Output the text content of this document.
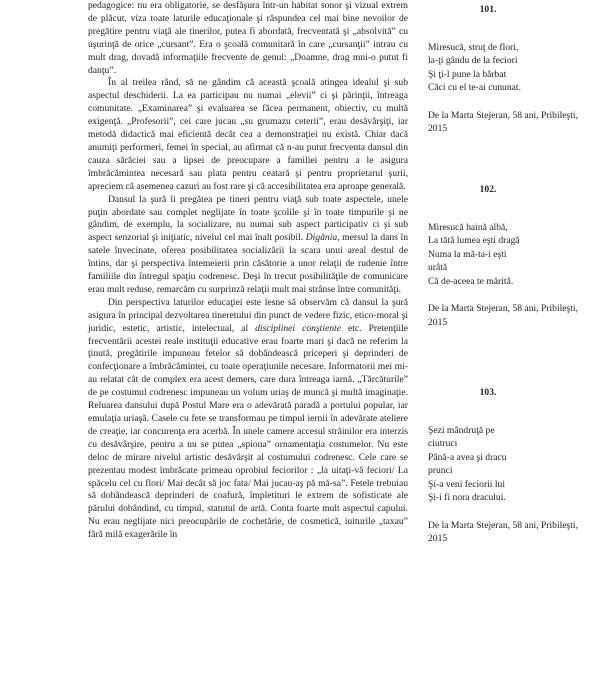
pedagogice: nu era obligatorie, se desfăşura într-un habitat sonor şi vizual extrem de plăcut, viza toate laturile educaţionale şi răspundea cel mai bine nevoilor de pregătire pentru viaţă ale tinerilor, putea fi abordată, frecventată şi „absolvită” cu uşurinţă de orice „cursant”. Era o şcoală comunitară în care „cursanţii” intrau cu mult drag, dovadă informaţiile frecvente de genul: „Doamne, drag mni-o putut fi danţu”.

În al treilea rând, să ne gândim că această şcoală atingea idealul şi sub aspectul deschiderii. La ea participau nu numai „elevii” ci şi părinţii, întreaga comunitate. „Examinarea” şi evaluarea se făcea permanent, obiectiv, cu multă exigenţă. „Profesorii”, cei care jucau „su grumazu ceterii”, erau desăvârşiţi, iar metodă didactică mai eficientă decât cea a demonstraţiei nu există. Chiar dacă anumiţi performeri, femei în special, au afirmat că n-au putut frecventa dansul din cauza sărăciei sau a lipsei de preocupare a familiei pentru a le asigura îmbrăcămintea necesară sau plata pentru ceatară şi pentru proprietarul şurii, apreciem că asemenea cazuri au fost rare şi că accesibilitatea era aproape generală.

Dansul la şură îi pregătea pe tineri pentru viaţă sub toate aspectele, unele puţin abordate sau complet neglijate în toate şcolile şi în toate timpurile şi ne gândim, de exemplu, la socializare, nu numai sub aspect participativ ci şi sub aspect senzorial şi iniţiatic, nivelul cel mai înalt posibil. Digănia, mersul la dans în satele învecinate, oferea posibilitatea socializării la scara unui areal destul de întins, dar şi perspectiva întemeierii prin căsătorie a unor relaţii de rudenie între familiile din întregul spaţiu codrenesc. Deşi în trecut posibilităţile de comunicare erau mult reduse, remarcăm cu surprinză relaţii mult mai strânse între comunităţi.

Din perspectiva laturilor educaţiei este lesne să observăm că dansul la şură asigura în principal dezvoltarea tineretului din punct de vedere fizic, etico-moral şi juridic, estetic, artistic, intelectual, al disciplinei conştiente etc. Pretenţiile frecventării acestei reale instituţii educative erau foarte mari şi dacă ne referim la ţinută, pregătirile impuneau fetelor să dobândească priceperi şi deprinderi de confecţionare a îmbrăcămintei, cu toate operaţiunile necesare. Informatorii mei mi-au relatat cât de complex era acest demers, care dura întreaga iarnă. „Tărcăturile” de pe costumul codrenesc impuneau un volum uriaş de muncă şi multă imaginaţie. Reluarea dansului după Postul Mare era o adevărată paradă a portului popular, iar emulaţia uriaşă. Casele cu fete se transformau pe timpul iernii în adevărate ateliere de creaţie, iar concurenţa era acerbă. În unele camere accesul străinilor era interzis cu desăvârşire, pentru a nu se putea „spiona” ornamentaţia costumelor. Nu este deloc de mirare nivelul artistic desăvârşit al costumului codrenesc. Cele care se prezentau modest îmbrăcate primeau oprobiul feciorilor : „la uitaţi-vă feciori/ La spăcelu cel cu flori/ Mai decât să joc fata/ Mai jucau-aş pă mă-sa”. Fetele trebuiau să dobândească deprinderi de coafură, împletituri le extrem de sofisticate ale părului dobândind, cu timpul, statutul de artă. Conta foarte mult aspectul capului. Nu erau neglijate nici preocupările de cochetărie, de cosmetică, iuiturile „taxau” fără milă exagerările în

101.
Miresucă, struţ de flori,
la-ţi gându de la feciori
Şi ţi-l pune la bărbat
Căci cu el te-ai cununat.
De la Marta Stejeran, 58 ani, Pribileşti, 2015
102.
Miresucă haină albă,
La tătă lumea eşti dragă
Numa la mă-ta-i eşti
urâtă
Că de-aceea te mărită.
De la Marta Stejeran, 58 ani, Pribileşti, 2015
103.
Şezi mândruţă pe
ciutruci
Până-a avea şi dracu
prunci
Şi-a veni feciorii lui
Şi-i fi nora dracului.
De la Marta Stejeran, 58 ani, Pribileşti, 2015
